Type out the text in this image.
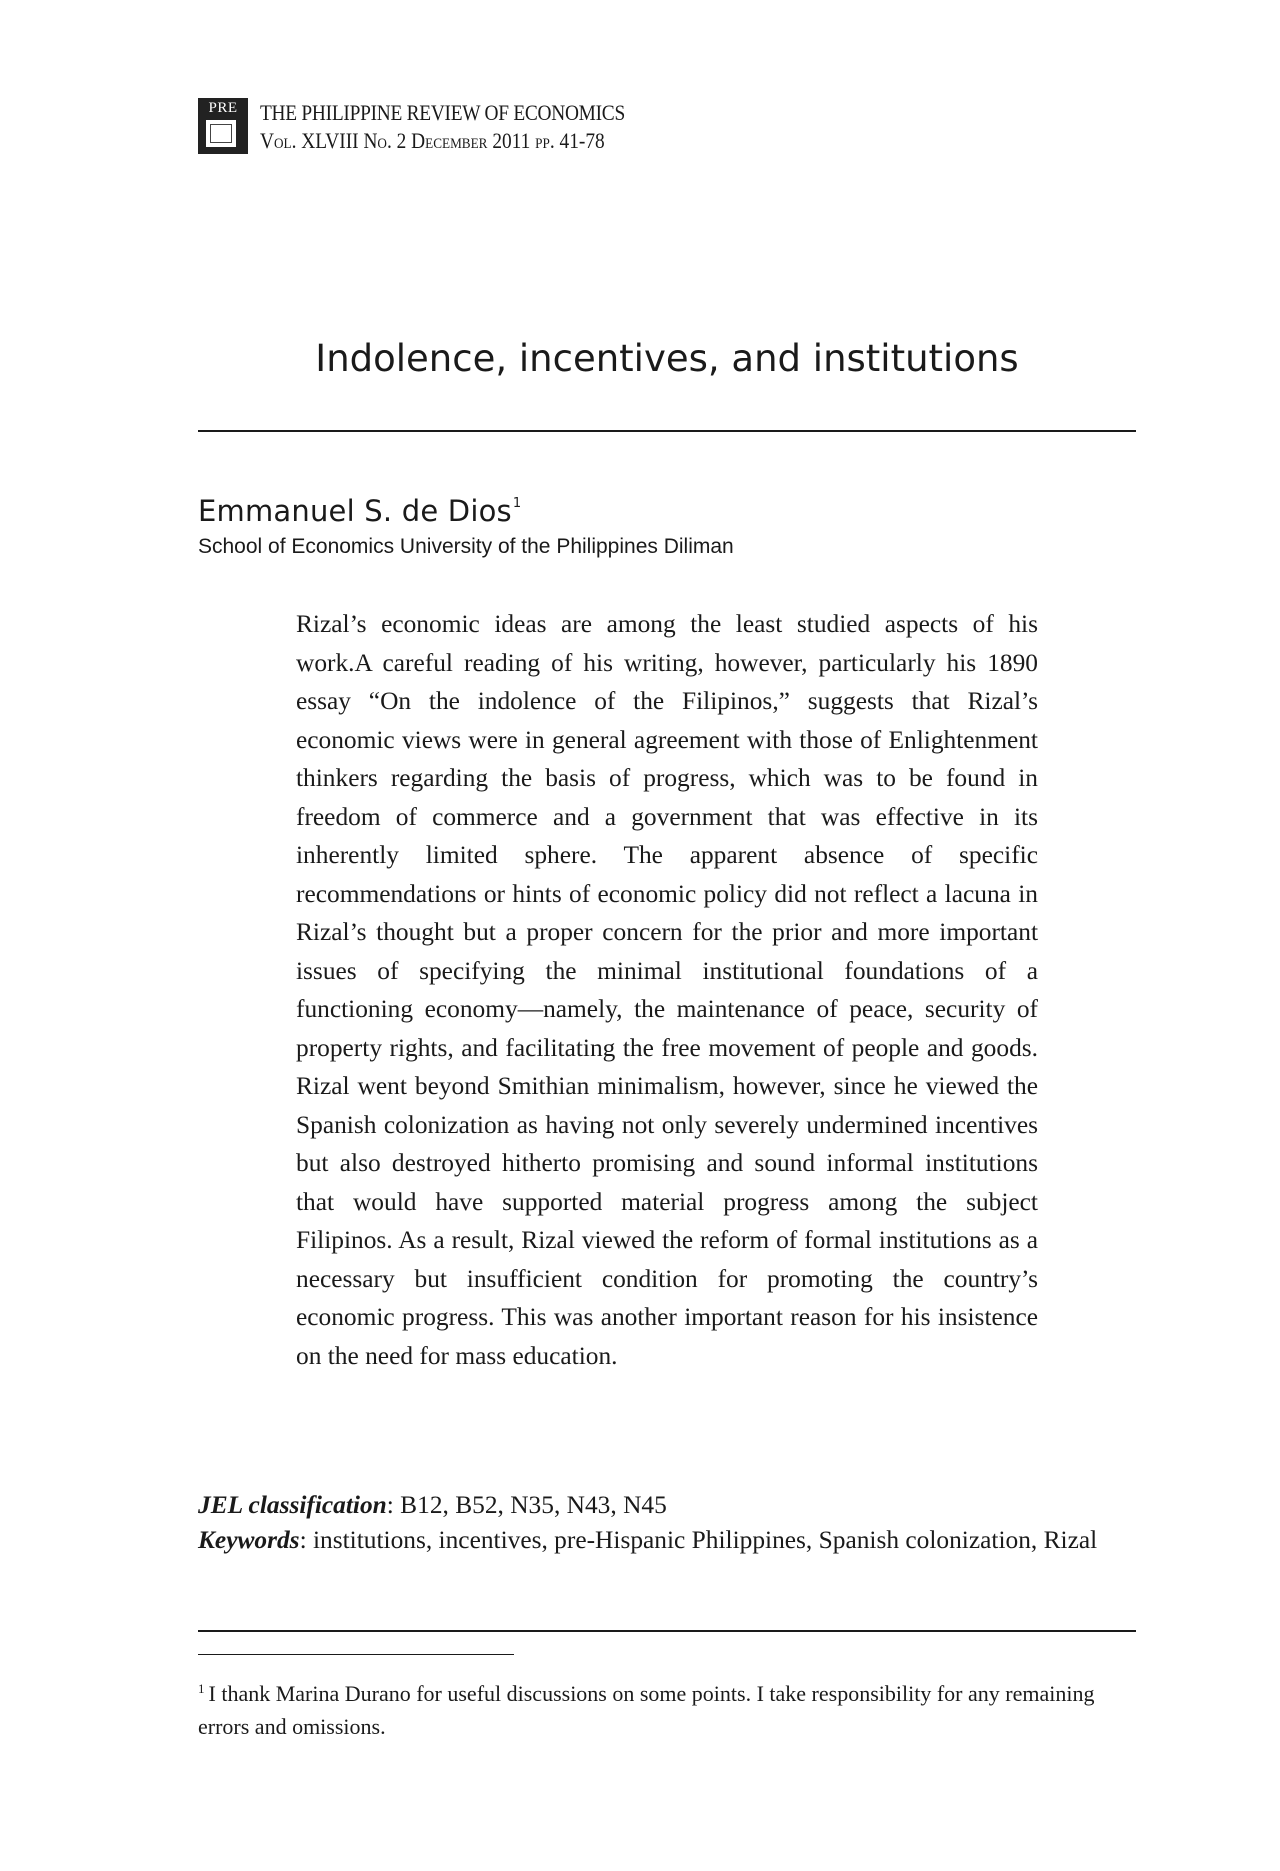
PRE	THE PHILIPPINE REVIEW OF ECONOMICS
Vol. XLVIII No. 2 December 2011 pp. 41-78
Indolence, incentives, and institutions
Emmanuel S. de Dios$^1$
School of Economics University of the Philippines Diliman

Rizal’s economic ideas are among the least studied aspects of his work.A careful reading of his writing, however, particularly his 1890 essay “On the indolence of the Filipinos,” suggests that Rizal’s economic views were in general agreement with those of Enlightenment thinkers regarding the basis of progress, which was to be found in freedom of commerce and a government that was effective in its inherently limited sphere. The apparent absence of specific recommendations or hints of economic policy did not reflect a lacuna in Rizal’s thought but a proper concern for the prior and more important issues of specifying the minimal institutional foundations of a functioning economy—namely, the maintenance of peace, security of property rights, and facilitating the free movement of people and goods. Rizal went beyond Smithian minimalism, however, since he viewed the Spanish colonization as having not only severely undermined incentives but also destroyed hitherto promising and sound informal institutions that would have supported material progress among the subject Filipinos. As a result, Rizal viewed the reform of formal institutions as a necessary but insufficient condition for promoting the country’s economic progress. This was another important reason for his insistence on the need for mass education.

JEL classification: B12, B52, N35, N43, N45

Keywords: institutions, incentives, pre-Hispanic Philippines, Spanish colonization, Rizal

$^1$ I thank Marina Durano for useful discussions on some points. I take responsibility for any remaining errors and omissions.
